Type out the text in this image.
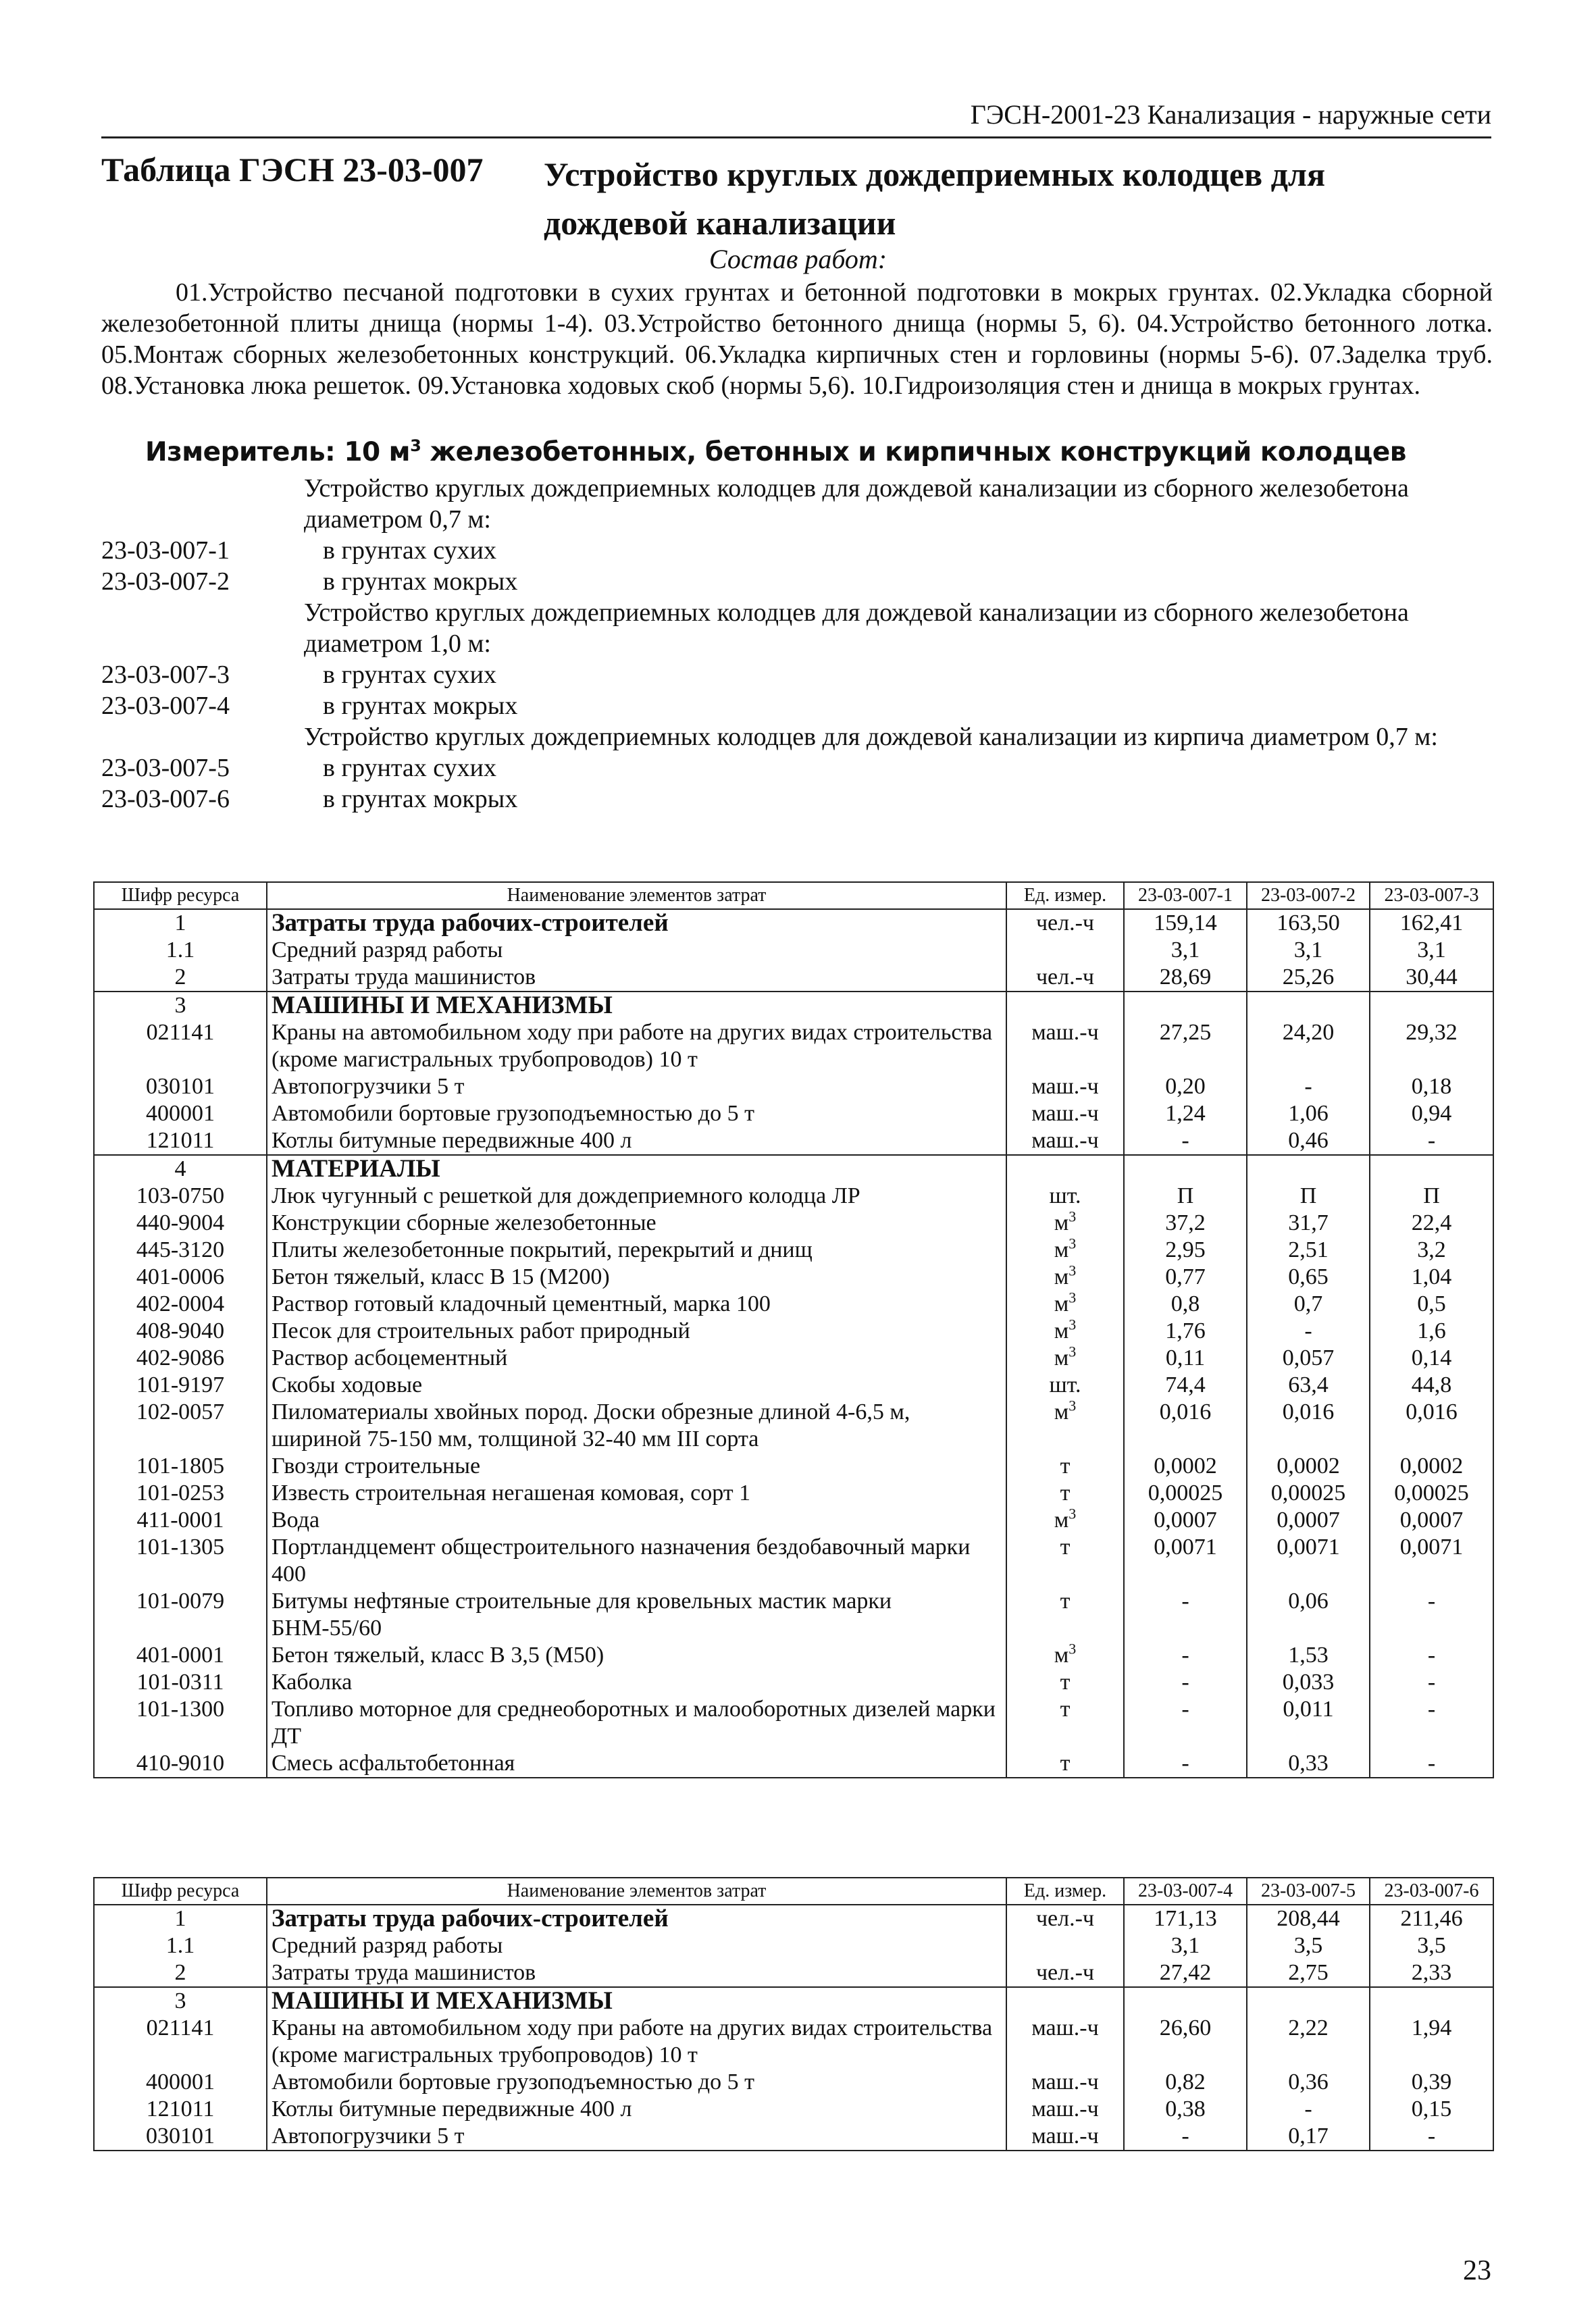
ГЭСН-2001-23 Канализация - наружные сети
Таблица ГЭСН 23-03-007 Устройство круглых дождеприемных колодцев для дождевой канализации
Состав работ:
01.Устройство песчаной подготовки в сухих грунтах и бетонной подготовки в мокрых грунтах. 02.Укладка сборной железобетонной плиты днища (нормы 1-4). 03.Устройство бетонного днища (нормы 5, 6). 04.Устройство бетонного лотка. 05.Монтаж сборных железобетонных конструкций. 06.Укладка кирпичных стен и горловины (нормы 5-6). 07.Заделка труб. 08.Установка люка решеток. 09.Установка ходовых скоб (нормы 5,6). 10.Гидроизоляция стен и днища в мокрых грунтах.
Измеритель: 10 $м^3$ железобетонных, бетонных и кирпичных конструкций колодцев
Устройство круглых дождеприемных колодцев для дождевой канализации из сборного железобетона диаметром 0,7 м:
23-03-007-1	в грунтах сухих
23-03-007-2	в грунтах мокрых
Устройство круглых дождеприемных колодцев для дождевой канализации из сборного железобетона диаметром 1,0 м:
23-03-007-3	в грунтах сухих
23-03-007-4	в грунтах мокрых
Устройство круглых дождеприемных колодцев для дождевой канализации из кирпича диаметром 0,7 м:
23-03-007-5	в грунтах сухих
23-03-007-6	в грунтах мокрых
Шифр ресурса	Наименование элементов затрат	Ед. измер.	23-03-007-1	23-03-007-2	23-03-007-3
1	Затраты труда рабочих-строителей	чел.-ч	159,14	163,50	162,41
1.1	Средний разряд работы		3,1	3,1	3,1
2	Затраты труда машинистов	чел.-ч	28,69	25,26	30,44
3	МАШИНЫ И МЕХАНИЗМЫ				
021141	Краны на автомобильном ходу при работе на других видах строительства (кроме магистральных трубопроводов) 10 т	маш.-ч	27,25	24,20	29,32
030101	Автопогрузчики 5 т	маш.-ч	0,20	-	0,18
400001	Автомобили бортовые грузоподъемностью до 5 т	маш.-ч	1,24	1,06	0,94
121011	Котлы битумные передвижные 400 л	маш.-ч	-	0,46	-
4	МАТЕРИАЛЫ				
103-0750	Люк чугунный с решеткой для дождеприемного колодца ЛР	шт.	П	П	П
440-9004	Конструкции сборные железобетонные	$м^3$	37,2	31,7	22,4
445-3120	Плиты железобетонные покрытий, перекрытий и днищ	$м^3$	2,95	2,51	3,2
401-0006	Бетон тяжелый, класс В 15 (М200)	$м^3$	0,77	0,65	1,04
402-0004	Раствор готовый кладочный цементный, марка 100	$м^3$	0,8	0,7	0,5
408-9040	Песок для строительных работ природный	$м^3$	1,76	-	1,6
402-9086	Раствор асбоцементный	$м^3$	0,11	0,057	0,14
101-9197	Скобы ходовые	шт.	74,4	63,4	44,8
102-0057	Пиломатериалы хвойных пород. Доски обрезные длиной 4-6,5 м, шириной 75-150 мм, толщиной 32-40 мм III сорта	$м^3$	0,016	0,016	0,016
101-1805	Гвозди строительные	т	0,0002	0,0002	0,0002
101-0253	Известь строительная негашеная комовая, сорт 1	т	0,00025	0,00025	0,00025
411-0001	Вода	$м^3$	0,0007	0,0007	0,0007
101-1305	Портландцемент общестроительного назначения бездобавочный марки 400	т	0,0071	0,0071	0,0071
101-0079	Битумы нефтяные строительные для кровельных мастик марки БНМ-55/60	т	-	0,06	-
401-0001	Бетон тяжелый, класс В 3,5 (М50)	$м^3$	-	1,53	-
101-0311	Каболка	т	-	0,033	-
101-1300	Топливо моторное для среднеоборотных и малооборотных дизелей марки ДТ	т	-	0,011	-
410-9010	Смесь асфальтобетонная	т	-	0,33	-
Шифр ресурса	Наименование элементов затрат	Ед. измер.	23-03-007-4	23-03-007-5	23-03-007-6
1	Затраты труда рабочих-строителей	чел.-ч	171,13	208,44	211,46
1.1	Средний разряд работы		3,1	3,5	3,5
2	Затраты труда машинистов	чел.-ч	27,42	2,75	2,33
3	МАШИНЫ И МЕХАНИЗМЫ				
021141	Краны на автомобильном ходу при работе на других видах строительства (кроме магистральных трубопроводов) 10 т	маш.-ч	26,60	2,22	1,94
400001	Автомобили бортовые грузоподъемностью до 5 т	маш.-ч	0,82	0,36	0,39
121011	Котлы битумные передвижные 400 л	маш.-ч	0,38	-	0,15
030101	Автопогрузчики 5 т	маш.-ч	-	0,17	-
23
